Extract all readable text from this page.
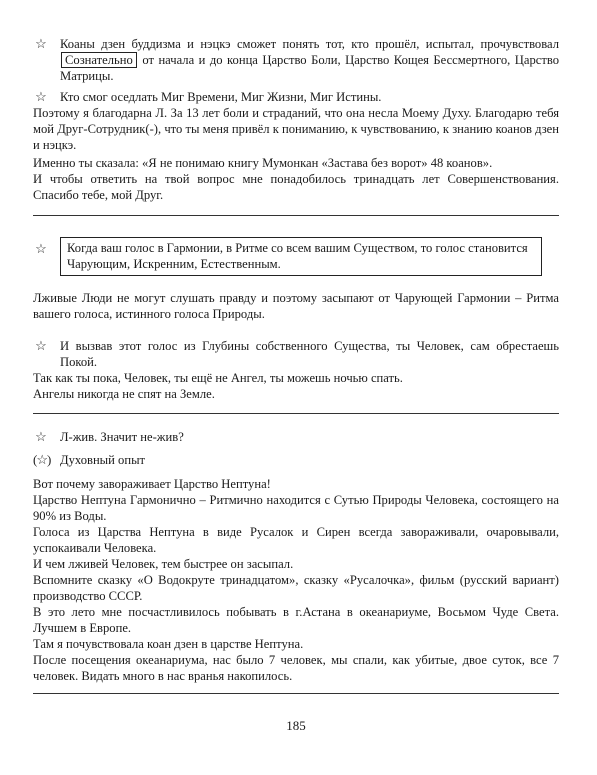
☆ Коаны дзен буддизма и нэцкэ сможет понять тот, кто прошёл, испытал, прочувствовал Сознательно от начала и до конца Царство Боли, Царство Кощея Бессмертного, Царство Матрицы.
☆ Кто смог оседлать Миг Времени, Миг Жизни, Миг Истины.

Поэтому я благодарна Л. За 13 лет боли и страданий, что она несла Моему Духу. Благодарю тебя мой Друг-Сотрудник(-), что ты меня привёл к пониманию, к чувствованию, к знанию коанов дзен и нэцкэ.

Именно ты сказала: «Я не понимаю книгу Мумонкан «Застава без ворот» 48 коанов».

И чтобы ответить на твой вопрос мне понадобилось тринадцать лет Совершенствования. Спасибо тебе, мой Друг.

☆ Когда ваш голос в Гармонии, в Ритме со всем вашим Существом, то голос становится Чарующим, Искренним, Естественным.

Лживые Люди не могут слушать правду и поэтому засыпают от Чарующей Гармонии – Ритма вашего голоса, истинного голоса Природы.

☆ И вызвав этот голос из Глубины собственного Существа, ты Человек, сам обрестаешь Покой.

Так как ты пока, Человек, ты ещё не Ангел, ты можешь ночью спать.

Ангелы никогда не спят на Земле.

☆ Л-жив. Значит не-жив?
(☆) Духовный опыт

Вот почему завораживает Царство Нептуна!

Царство Нептуна Гармонично – Ритмично находится с Сутью Природы Человека, состоящего на 90% из Воды.

Голоса из Царства Нептуна в виде Русалок и Сирен всегда завораживали, очаровывали, успокаивали Человека.

И чем лживей Человек, тем быстрее он засыпал.

Вспомните сказку «О Водокруте тринадцатом», сказку «Русалочка», фильм (русский вариант) производство СССР.

В это лето мне посчастливилось побывать в г.Астана в океанариуме, Восьмом Чуде Света. Лучшем в Европе.

Там я почувствовала коан дзен в царстве Нептуна.

После посещения океанариума, нас было 7 человек, мы спали, как убитые, двое суток, все 7 человек. Видать много в нас вранья накопилось.

185
